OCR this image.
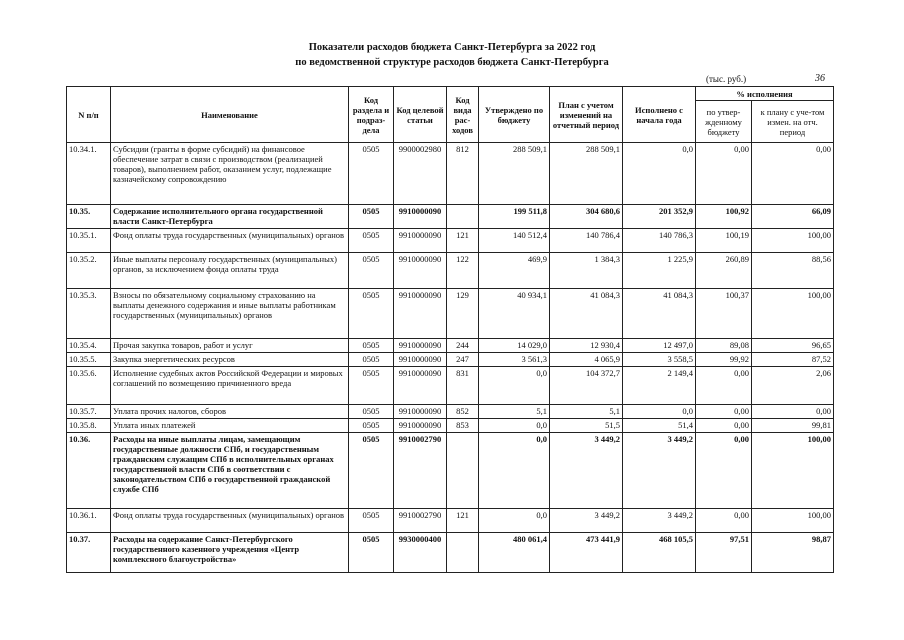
Показатели расходов бюджета Санкт-Петербурга за 2022 год
по ведомственной структуре расходов бюджета Санкт-Петербурга
(тыс. руб.)	36
N п/п	Наименование	Код раздела и подраз-дела	Код целевой статьи	Код вида рас-ходов	Утверждено по бюджету	План с учетом изменений на отчетный период	Исполнено с начала года	% исполнения	
								по утвер-жденному бюджету	к плану с уче-том измен. на отч. период
10.34.1.	Субсидии (гранты в форме субсидий) на финансовое обеспечение затрат в связи с производством (реализацией товаров), выполнением работ, оказанием услуг, подлежащие казначейскому сопровождению	0505	9900002980	812	288 509,1	288 509,1	0,0	0,00	0,00
10.35.	Содержание исполнительного органа государственной власти Санкт-Петербурга	0505	9910000090		199 511,8	304 680,6	201 352,9	100,92	66,09
10.35.1.	Фонд оплаты труда государственных (муниципальных) органов	0505	9910000090	121	140 512,4	140 786,4	140 786,3	100,19	100,00
10.35.2.	Иные выплаты персоналу государственных (муниципальных) органов, за исключением фонда оплаты труда	0505	9910000090	122	469,9	1 384,3	1 225,9	260,89	88,56
10.35.3.	Взносы по обязательному социальному страхованию на выплаты денежного содержания и иные выплаты работникам государственных (муниципальных) органов	0505	9910000090	129	40 934,1	41 084,3	41 084,3	100,37	100,00
10.35.4.	Прочая закупка товаров, работ и услуг	0505	9910000090	244	14 029,0	12 930,4	12 497,0	89,08	96,65
10.35.5.	Закупка энергетических ресурсов	0505	9910000090	247	3 561,3	4 065,9	3 558,5	99,92	87,52
10.35.6.	Исполнение судебных актов Российской Федерации и мировых соглашений по возмещению причиненного вреда	0505	9910000090	831	0,0	104 372,7	2 149,4	0,00	2,06
10.35.7.	Уплата прочих налогов, сборов	0505	9910000090	852	5,1	5,1	0,0	0,00	0,00
10.35.8.	Уплата иных платежей	0505	9910000090	853	0,0	51,5	51,4	0,00	99,81
10.36.	Расходы на иные выплаты лицам, замещающим государственные должности СПб, и государственным гражданским служащим СПб в исполнительных органах государственной власти СПб в соответствии с законодательством СПб о государственной гражданской службе СПб	0505	9910002790		0,0	3 449,2	3 449,2	0,00	100,00
10.36.1.	Фонд оплаты труда государственных (муниципальных) органов	0505	9910002790	121	0,0	3 449,2	3 449,2	0,00	100,00
10.37.	Расходы на содержание Санкт-Петербургского государственного казенного учреждения «Центр комплексного благоустройства»	0505	9930000400		480 061,4	473 441,9	468 105,5	97,51	98,87
